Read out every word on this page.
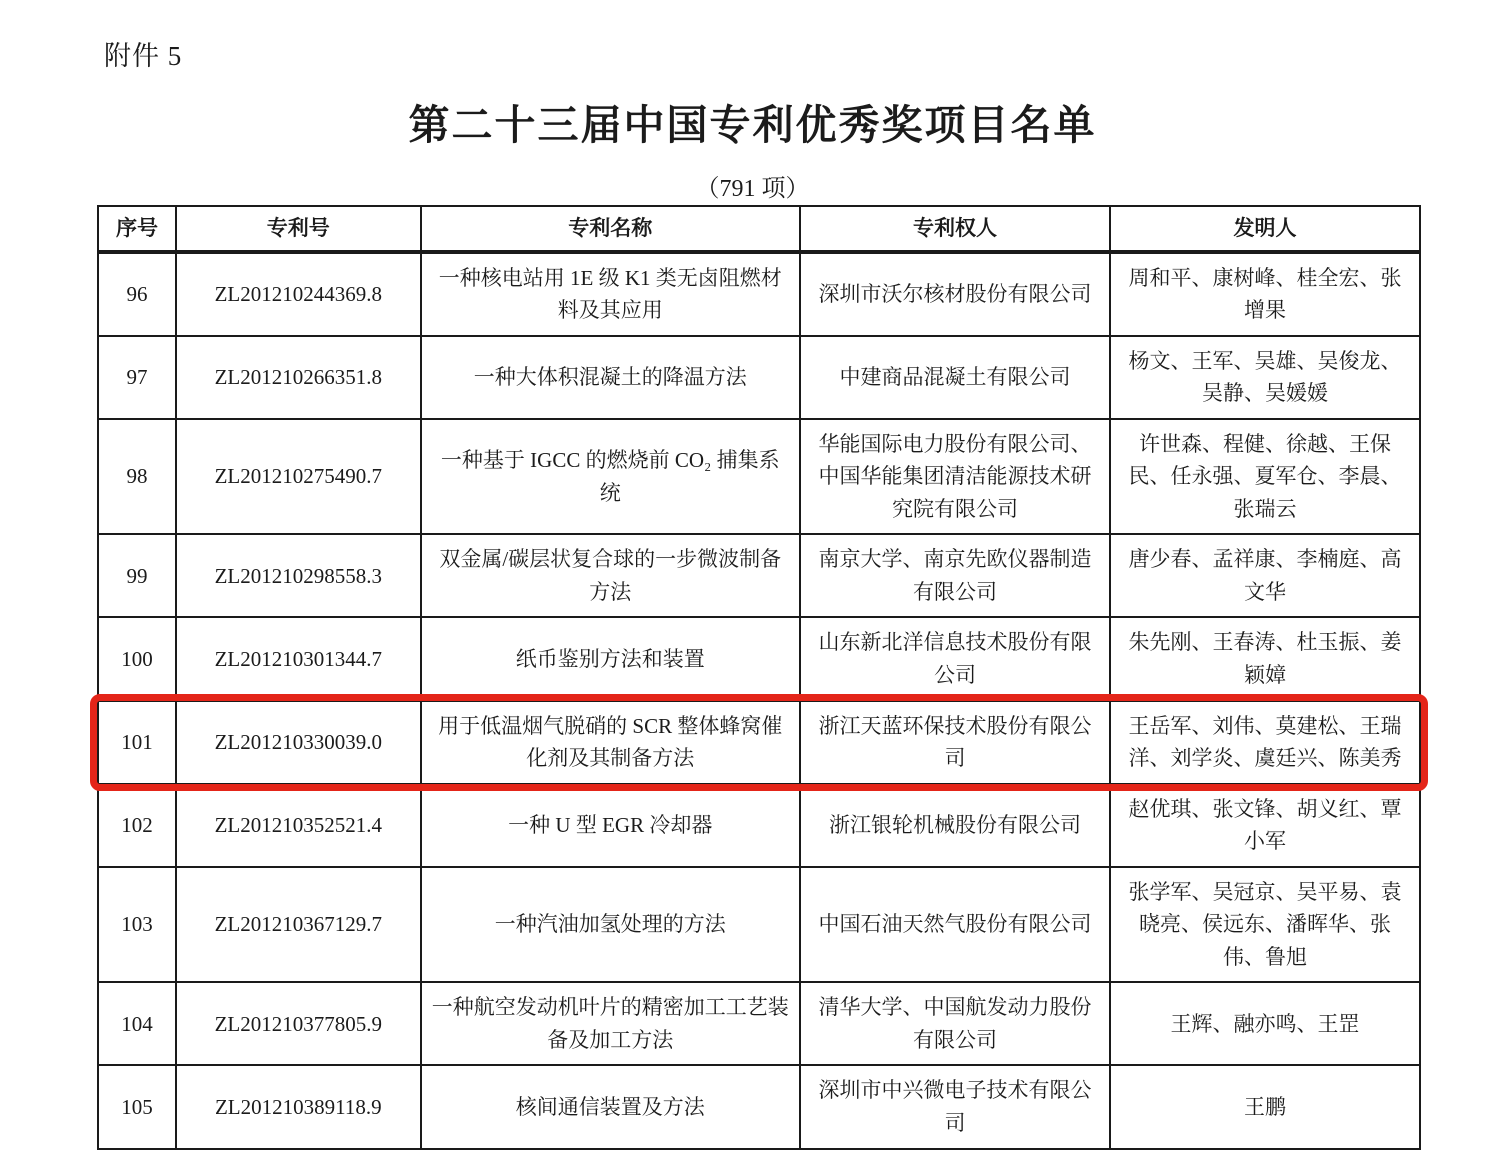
附件 5
第二十三届中国专利优秀奖项目名单
（791 项）
序号	专利号	专利名称	专利权人	发明人
96	ZL201210244369.8	一种核电站用 1E 级 K1 类无卤阻燃材料及其应用	深圳市沃尔核材股份有限公司	周和平、康树峰、桂全宏、张增果
97	ZL201210266351.8	一种大体积混凝土的降温方法	中建商品混凝土有限公司	杨文、王军、吴雄、吴俊龙、吴静、吴媛媛
98	ZL201210275490.7	一种基于 IGCC 的燃烧前 CO₂ 捕集系统	华能国际电力股份有限公司、中国华能集团清洁能源技术研究院有限公司	许世森、程健、徐越、王保民、任永强、夏军仓、李晨、张瑞云
99	ZL201210298558.3	双金属/碳层状复合球的一步微波制备方法	南京大学、南京先欧仪器制造有限公司	唐少春、孟祥康、李楠庭、高文华
100	ZL201210301344.7	纸币鉴别方法和装置	山东新北洋信息技术股份有限公司	朱先刚、王春涛、杜玉振、姜颖嫜
101	ZL201210330039.0	用于低温烟气脱硝的 SCR 整体蜂窝催化剂及其制备方法	浙江天蓝环保技术股份有限公司	王岳军、刘伟、莫建松、王瑞洋、刘学炎、虞廷兴、陈美秀
102	ZL201210352521.4	一种 U 型 EGR 冷却器	浙江银轮机械股份有限公司	赵优琪、张文锋、胡义红、覃小军
103	ZL201210367129.7	一种汽油加氢处理的方法	中国石油天然气股份有限公司	张学军、吴冠京、吴平易、袁晓亮、侯远东、潘晖华、张伟、鲁旭
104	ZL201210377805.9	一种航空发动机叶片的精密加工工艺装备及加工方法	清华大学、中国航发动力股份有限公司	王辉、融亦鸣、王罡
105	ZL201210389118.9	核间通信装置及方法	深圳市中兴微电子技术有限公司	王鹏
